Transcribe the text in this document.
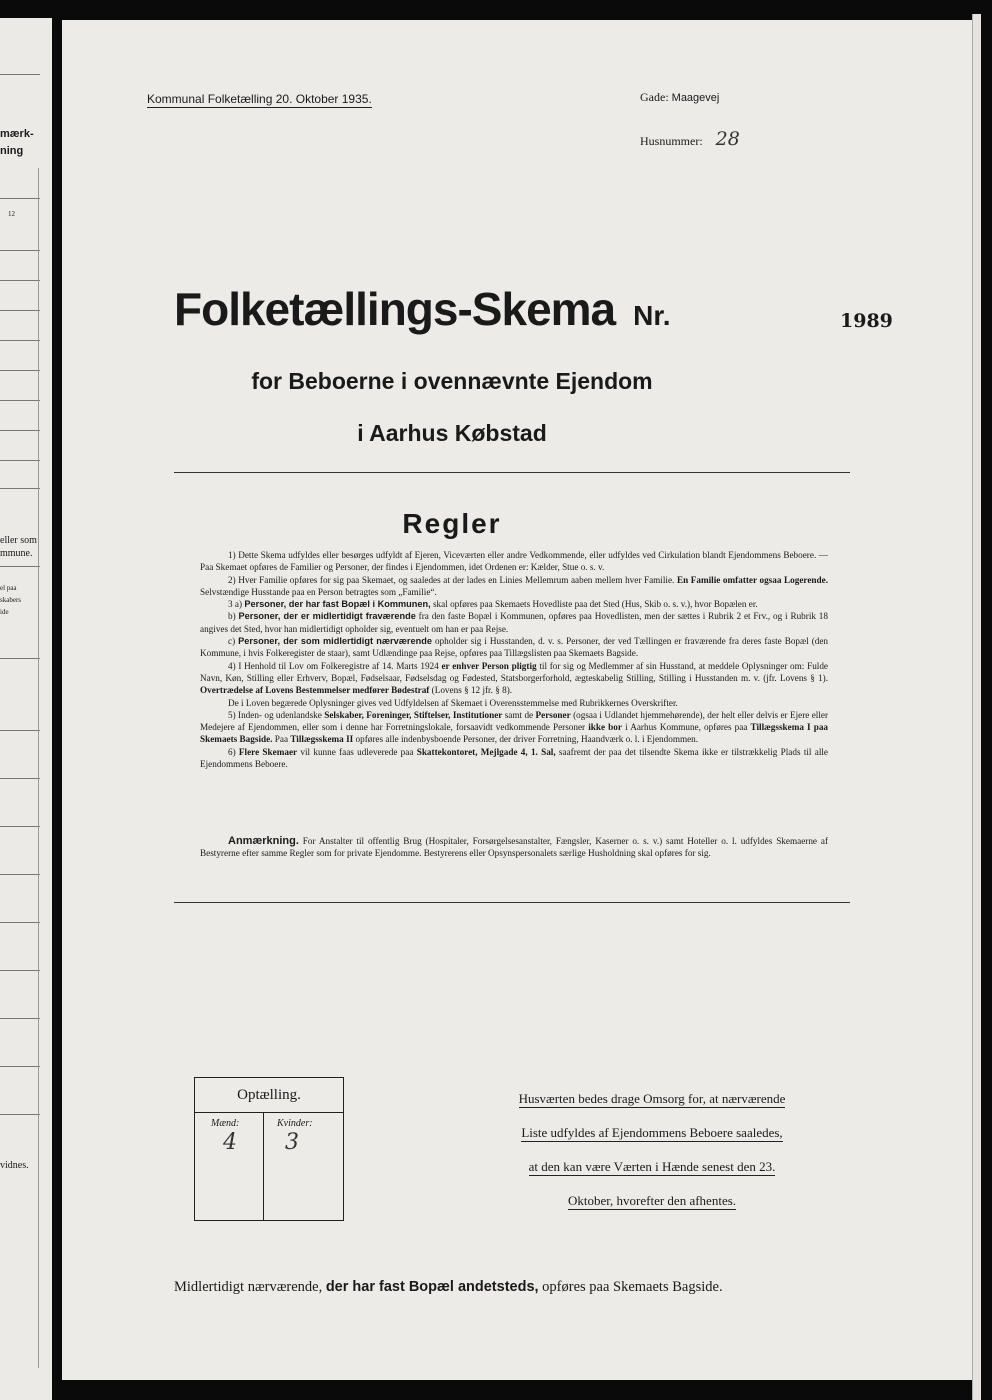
mærk-
ning
12
eller som
mmune.
el paa
skabers
ide
vidnes.
Kommunal Folketælling 20. Oktober 1935.	Gade: Maagevej
Husnummer: 28
Folketællings-Skema Nr.	1989
for Beboerne i ovennævnte Ejendom
i Aarhus Købstad
Regler

1) Dette Skema udfyldes eller besørges udfyldt af Ejeren, Viceværten eller andre Vedkommende, eller udfyldes ved Cirkulation blandt Ejendommens Beboere. — Paa Skemaet opføres de Familier og Personer, der findes i Ejendommen, idet Ordenen er: Kælder, Stue o. s. v.

2) Hver Familie opføres for sig paa Skemaet, og saaledes at der lades en Linies Mellemrum aaben mellem hver Familie. En Familie omfatter ogsaa Logerende. Selvstændige Husstande paa en Person betragtes som „Familie“.

3 a) Personer, der har fast Bopæl i Kommunen, skal opføres paa Skemaets Hovedliste paa det Sted (Hus, Skib o. s. v.), hvor Bopælen er.

b) Personer, der er midlertidigt fraværende fra den faste Bopæl i Kommunen, opføres paa Hovedlisten, men der sættes i Rubrik 2 et Frv., og i Rubrik 18 angives det Sted, hvor han midlertidigt opholder sig, eventuelt om han er paa Rejse.

c) Personer, der som midlertidigt nærværende opholder sig i Husstanden, d. v. s. Personer, der ved Tællingen er fraværende fra deres faste Bopæl (den Kommune, i hvis Folkeregister de staar), samt Udlændinge paa Rejse, opføres paa Tillægslisten paa Skemaets Bagside.

4) I Henhold til Lov om Folkeregistre af 14. Marts 1924 er enhver Person pligtig til for sig og Medlemmer af sin Husstand, at meddele Oplysninger om: Fulde Navn, Køn, Stilling eller Erhverv, Bopæl, Fødselsaar, Fødselsdag og Fødested, Statsborgerforhold, ægteskabelig Stilling, Stilling i Husstanden m. v. (jfr. Lovens § 1). Overtrædelse af Lovens Bestemmelser medfører Bødestraf (Lovens § 12 jfr. § 8).

De i Loven begærede Oplysninger gives ved Udfyldelsen af Skemaet i Overensstemmelse med Rubrikkernes Overskrifter.

5) Inden- og udenlandske Selskaber, Foreninger, Stiftelser, Institutioner samt de Personer (ogsaa i Udlandet hjemmehørende), der helt eller delvis er Ejere eller Medejere af Ejendommen, eller som i denne har Forretningslokale, forsaavidt vedkommende Personer ikke bor i Aarhus Kommune, opføres paa Tillægsskema I paa Skemaets Bagside. Paa Tillægsskema II opføres alle indenbysboende Personer, der driver Forretning, Haandværk o. l. i Ejendommen.

6) Flere Skemaer vil kunne faas udleverede paa Skattekontoret, Mejlgade 4, 1. Sal, saafremt der paa det tilsendte Skema ikke er tilstrækkelig Plads til alle Ejendommens Beboere.

Anmærkning. For Anstalter til offentlig Brug (Hospitaler, Forsørgelsesanstalter, Fængsler, Kaserner o. s. v.) samt Hoteller o. l. udfyldes Skemaerne af Bestyrerne efter samme Regler som for private Ejendomme. Bestyrerens eller Opsynspersonalets særlige Husholdning skal opføres for sig.

Optælling.
Mænd:
4
Kvinder:
3
Husværten bedes drage Omsorg for, at nærværende
Liste udfyldes af Ejendommens Beboere saaledes,
at den kan være Værten i Hænde senest den 23.
Oktober, hvorefter den afhentes.
Midlertidigt nærværende, der har fast Bopæl andetsteds, opføres paa Skemaets Bagside.
